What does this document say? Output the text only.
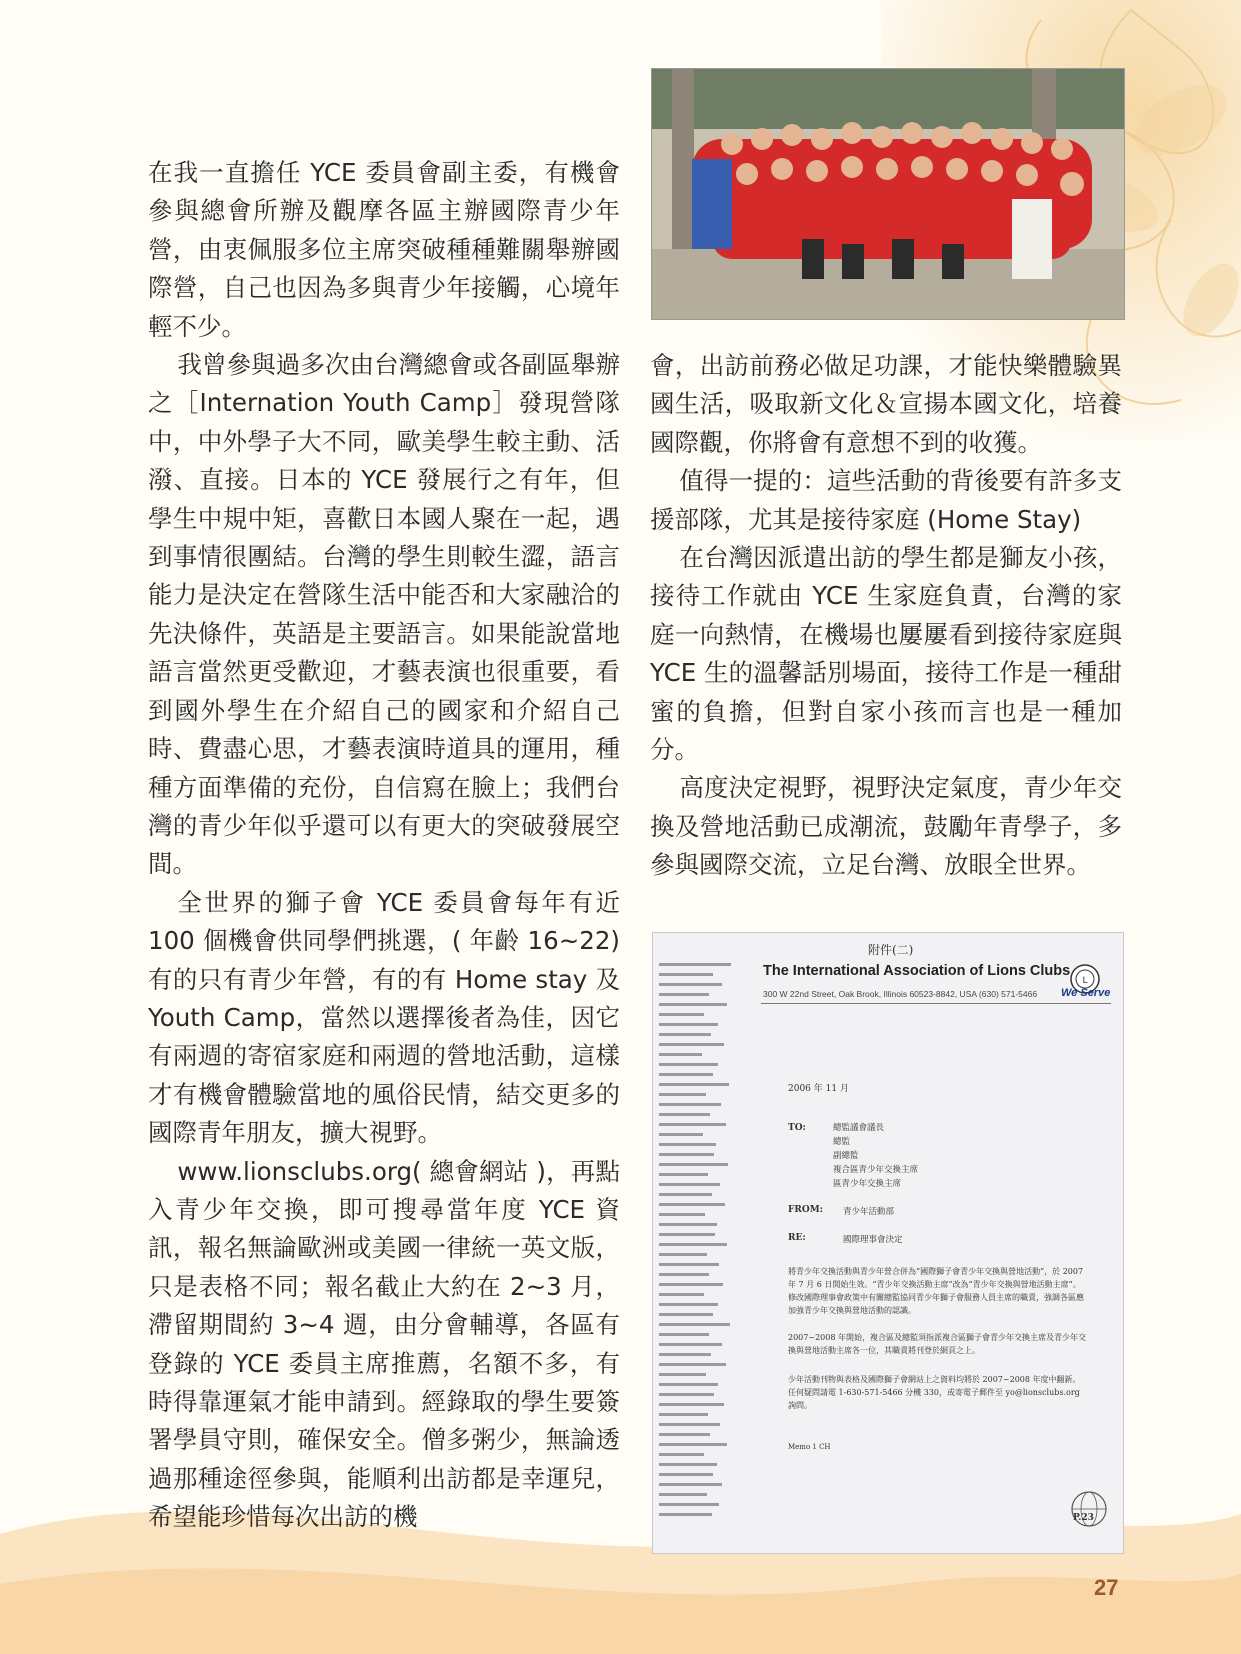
在我一直擔任 YCE 委員會副主委，有機會參與總會所辦及觀摩各區主辦國際青少年營，由衷佩服多位主席突破種種難關舉辦國際營，自己也因為多與青少年接觸，心境年輕不少。

我曾參與過多次由台灣總會或各副區舉辦之［Internation Youth Camp］發現營隊中，中外學子大不同，歐美學生較主動、活潑、直接。日本的 YCE 發展行之有年，但學生中規中矩，喜歡日本國人聚在一起，遇到事情很團結。台灣的學生則較生澀，語言能力是決定在營隊生活中能否和大家融洽的先決條件，英語是主要語言。如果能說當地語言當然更受歡迎，才藝表演也很重要，看到國外學生在介紹自己的國家和介紹自己時、費盡心思，才藝表演時道具的運用，種種方面準備的充份，自信寫在臉上；我們台灣的青少年似乎還可以有更大的突破發展空間。

全世界的獅子會 YCE 委員會每年有近 100 個機會供同學們挑選，( 年齡 16~22) 有的只有青少年營，有的有 Home stay 及 Youth Camp，當然以選擇後者為佳，因它有兩週的寄宿家庭和兩週的營地活動，這樣才有機會體驗當地的風俗民情，結交更多的國際青年朋友，擴大視野。

www.lionsclubs.org( 總會網站 )，再點入青少年交換，即可搜尋當年度 YCE 資訊，報名無論歐洲或美國一律統一英文版，只是表格不同；報名截止大約在 2~3 月，滯留期間約 3~4 週，由分會輔導，各區有登錄的 YCE 委員主席推薦，名額不多，有時得靠運氣才能申請到。經錄取的學生要簽署學員守則，確保安全。僧多粥少，無論透過那種途徑參與，能順利出訪都是幸運兒，希望能珍惜每次出訪的機

會，出訪前務必做足功課，才能快樂體驗異國生活，吸取新文化＆宣揚本國文化，培養國際觀，你將會有意想不到的收獲。

值得一提的：這些活動的背後要有許多支援部隊，尤其是接待家庭 (Home Stay)

在台灣因派遣出訪的學生都是獅友小孩，接待工作就由 YCE 生家庭負責，台灣的家庭一向熱情，在機場也屢屢看到接待家庭與 YCE 生的溫馨話別場面，接待工作是一種甜蜜的負擔，但對自家小孩而言也是一種加分。

高度決定視野，視野決定氣度，青少年交換及營地活動已成潮流，鼓勵年青學子，多參與國際交流，立足台灣、放眼全世界。

附件(二)
The International Association of Lions Clubs
300 W 22nd Street, Oak Brook, Illinois 60523-8842, USA (630) 571-5466
L
We Serve
2006 年 11 月
TO:	總監議會議長
總監
副總監
複合區青少年交換主席
區青少年交換主席
FROM: 青少年活動部
RE:	國際理事會決定
將青少年交換活動與青少年營合併為“國際獅子會青少年交換與營地活動”，於 2007 年 7 月 6 日開始生效。“青少年交換活動主席”改為“青少年交換與營地活動主席”。修改國際理事會政策中有關總監協同青少年獅子會服務人員主席的職責，強調各區應加強青少年交換與營地活動的認識。
2007~2008 年開始，複合區及總監須指派複合區獅子會青少年交換主席及青少年交換與營地活動主席各一位，其職責將刊登於網頁之上。
少年活動刊物與表格及國際獅子會網站上之資料均將於 2007~2008 年度中翻新。任何疑問請電 1-630-571-5466 分機 330，或寄電子郵件至 yo@lionsclubs.org 詢問。
Memo 1 CH
P.23
27
